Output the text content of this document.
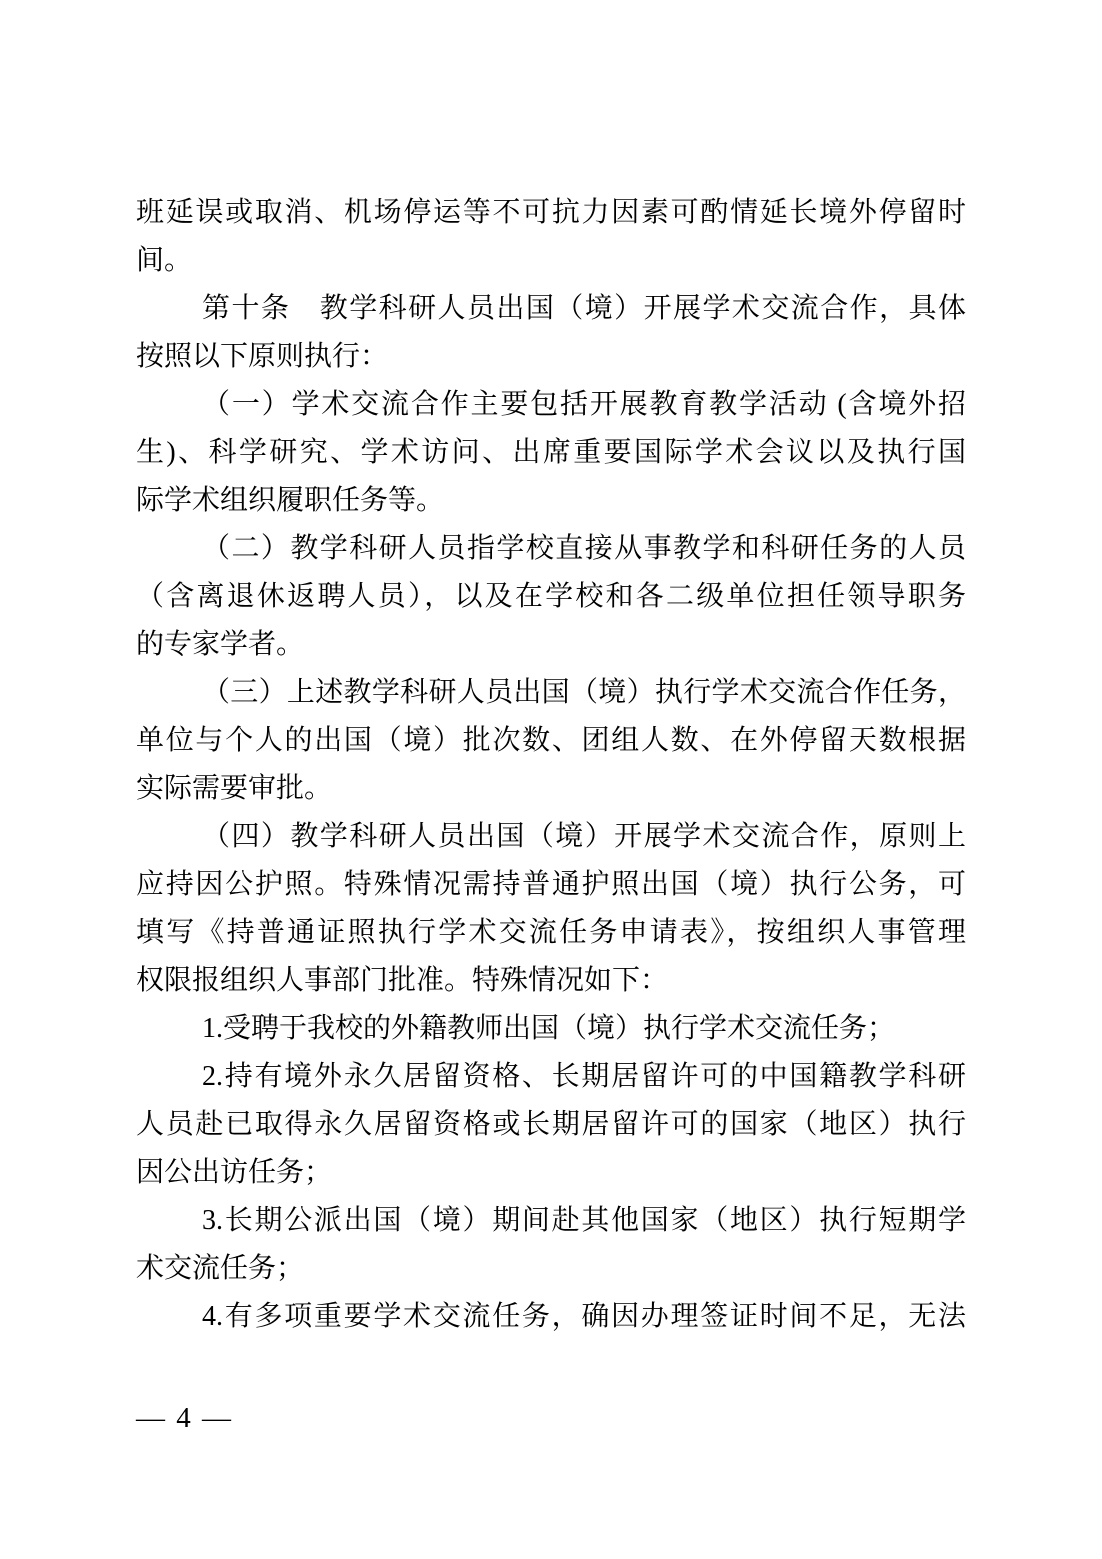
班延误或取消、机场停运等不可抗力因素可酌情延长境外停留时
间。
第十条　教学科研人员出国（境）开展学术交流合作，具体
按照以下原则执行：
（一）学术交流合作主要包括开展教育教学活动 (含境外招
生)、科学研究、学术访问、出席重要国际学术会议以及执行国
际学术组织履职任务等。
（二）教学科研人员指学校直接从事教学和科研任务的人员
（含离退休返聘人员），以及在学校和各二级单位担任领导职务
的专家学者。
（三）上述教学科研人员出国（境）执行学术交流合作任务，
单位与个人的出国（境）批次数、团组人数、在外停留天数根据
实际需要审批。
（四）教学科研人员出国（境）开展学术交流合作，原则上
应持因公护照。特殊情况需持普通护照出国（境）执行公务，可
填写《持普通证照执行学术交流任务申请表》，按组织人事管理
权限报组织人事部门批准。特殊情况如下：
1.受聘于我校的外籍教师出国（境）执行学术交流任务；
2.持有境外永久居留资格、长期居留许可的中国籍教学科研
人员赴已取得永久居留资格或长期居留许可的国家（地区）执行
因公出访任务；
3.长期公派出国（境）期间赴其他国家（地区）执行短期学
术交流任务；
4.有多项重要学术交流任务，确因办理签证时间不足，无法
— 4 —
